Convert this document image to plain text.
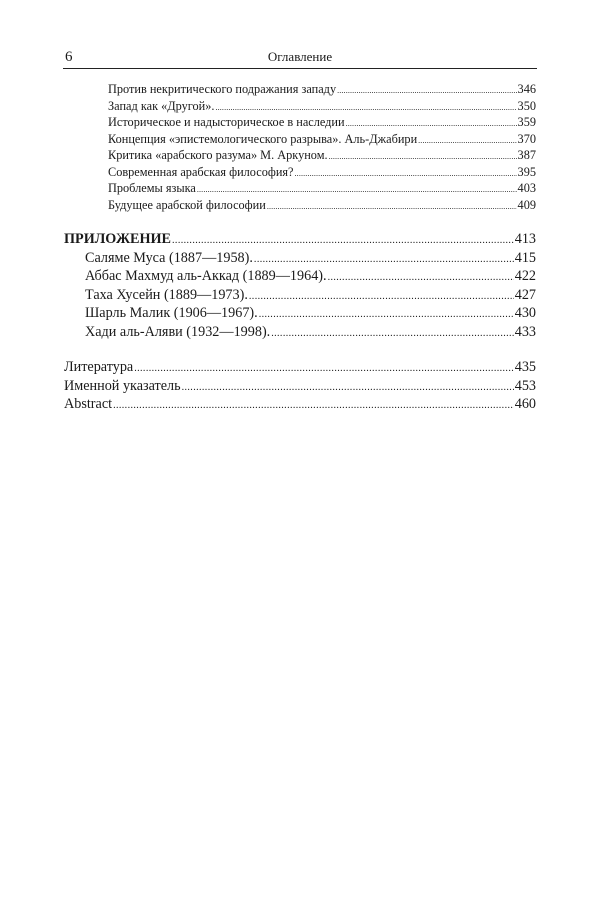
6	Оглавление
Против некритического подражания западу .....	346
Запад как «Другой». .....	350
Историческое и надысторическое в наследии .....	359
Концепция «эпистемологического разрыва». Аль-Джабири .....	370
Критика «арабского разума» М. Аркуном. .....	387
Современная арабская философия? .....	395
Проблемы языка .....	403
Будущее арабской философии .....	409
ПРИЛОЖЕНИЕ .....	413
Саляме Муса (1887—1958). .....	415
Аббас Махмуд аль-Аккад (1889—1964). .....	422
Таха Хусейн (1889—1973). .....	427
Шарль Малик (1906—1967). .....	430
Хади аль-Аляви (1932—1998). .....	433
Литература .....	435
Именной указатель .....	453
Abstract .....	460
